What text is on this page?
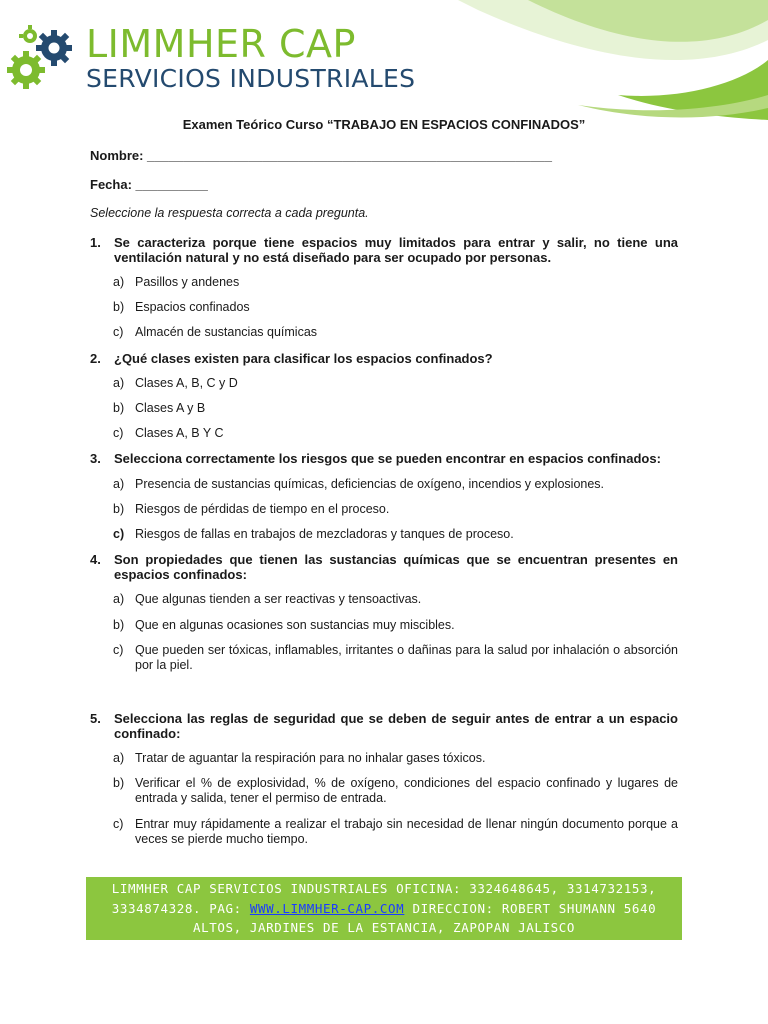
LIMMHER CAP
SERVICIOS INDUSTRIALES
Examen Teórico Curso “TRABAJO EN ESPACIOS CONFINADOS”
Nombre: ________________________________________________________
Fecha: __________
Seleccione la respuesta correcta a cada pregunta.
1. Se caracteriza porque tiene espacios muy limitados para entrar y salir, no tiene una ventilación natural y no está diseñado para ser ocupado por personas.
a) Pasillos y andenes
b) Espacios confinados
c) Almacén de sustancias químicas
2. ¿Qué clases existen para clasificar los espacios confinados?
a) Clases A, B, C y D
b) Clases A y B
c) Clases A, B Y C
3. Selecciona correctamente los riesgos que se pueden encontrar en espacios confinados:
a) Presencia de sustancias químicas, deficiencias de oxígeno, incendios y explosiones.
b) Riesgos de pérdidas de tiempo en el proceso.
c) Riesgos de fallas en trabajos de mezcladoras y tanques de proceso.
4. Son propiedades que tienen las sustancias químicas que se encuentran presentes en espacios confinados:
a) Que algunas tienden a ser reactivas y tensoactivas.
b) Que en algunas ocasiones son sustancias muy miscibles.
c) Que pueden ser tóxicas, inflamables, irritantes o dañinas para la salud por inhalación o absorción por la piel.
5. Selecciona las reglas de seguridad que se deben de seguir antes de entrar a un espacio confinado:
a) Tratar de aguantar la respiración para no inhalar gases tóxicos.
b) Verificar el % de explosividad, % de oxígeno, condiciones del espacio confinado y lugares de entrada y salida, tener el permiso de entrada.
c) Entrar muy rápidamente a realizar el trabajo sin necesidad de llenar ningún documento porque a veces se pierde mucho tiempo.
LIMMHER CAP SERVICIOS INDUSTRIALES OFICINA: 3324648645, 3314732153, 3334874328. PAG: WWW.LIMMHER-CAP.COM DIRECCION: ROBERT SHUMANN 5640 ALTOS, JARDINES DE LA ESTANCIA, ZAPOPAN JALISCO
